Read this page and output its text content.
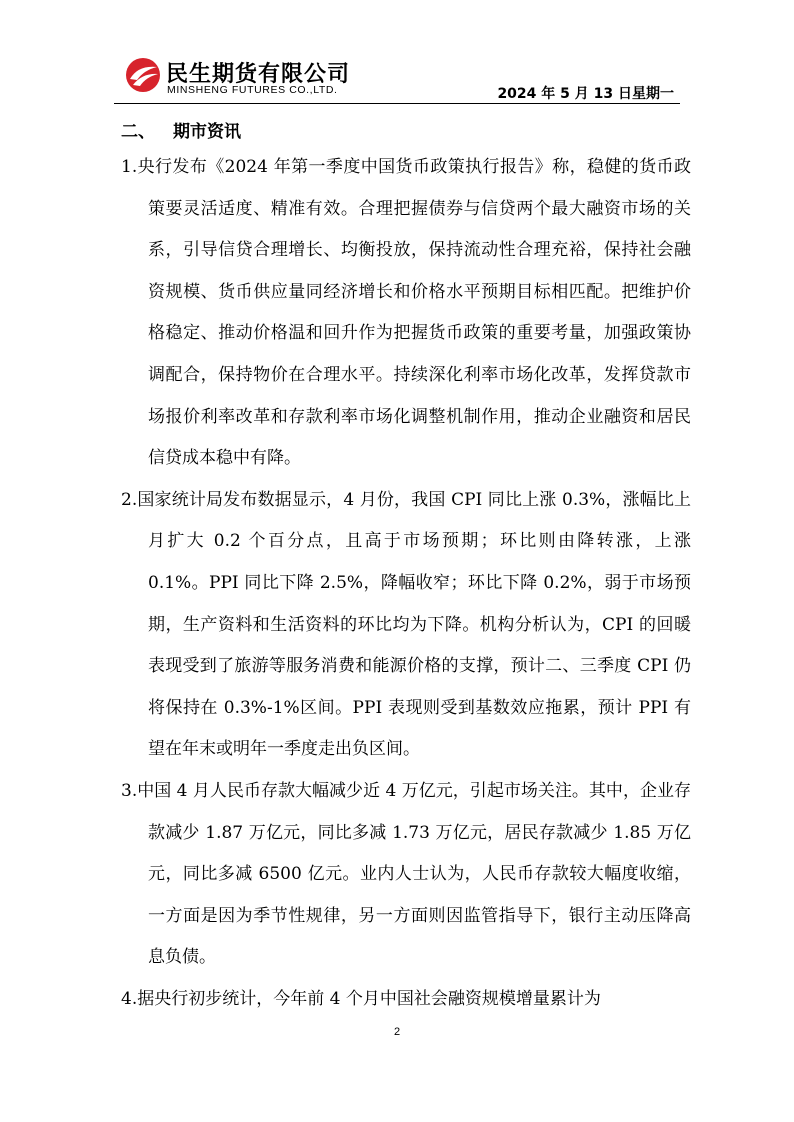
民生期货有限公司
MINSHENG FUTURES CO.,LTD.	2024 年 5 月 13 日星期一
二、 期市资讯

1.央行发布《2024 年第一季度中国货币政策执行报告》称，稳健的货币政策要灵活适度、精准有效。合理把握债券与信贷两个最大融资市场的关系，引导信贷合理增长、均衡投放，保持流动性合理充裕，保持社会融资规模、货币供应量同经济增长和价格水平预期目标相匹配。把维护价格稳定、推动价格温和回升作为把握货币政策的重要考量，加强政策协调配合，保持物价在合理水平。持续深化利率市场化改革，发挥贷款市场报价利率改革和存款利率市场化调整机制作用，推动企业融资和居民信贷成本稳中有降。

2.国家统计局发布数据显示，4 月份，我国 CPI 同比上涨 0.3%，涨幅比上月扩大 0.2 个百分点，且高于市场预期；环比则由降转涨，上涨 0.1%。PPI 同比下降 2.5%，降幅收窄；环比下降 0.2%，弱于市场预期，生产资料和生活资料的环比均为下降。机构分析认为，CPI 的回暖表现受到了旅游等服务消费和能源价格的支撑，预计二、三季度 CPI 仍将保持在 0.3%-1%区间。PPI 表现则受到基数效应拖累，预计 PPI 有望在年末或明年一季度走出负区间。

3.中国 4 月人民币存款大幅减少近 4 万亿元，引起市场关注。其中，企业存款减少 1.87 万亿元，同比多减 1.73 万亿元，居民存款减少 1.85 万亿元，同比多减 6500 亿元。业内人士认为，人民币存款较大幅度收缩，一方面是因为季节性规律，另一方面则因监管指导下，银行主动压降高息负债。

4.据央行初步统计，今年前 4 个月中国社会融资规模增量累计为

2
